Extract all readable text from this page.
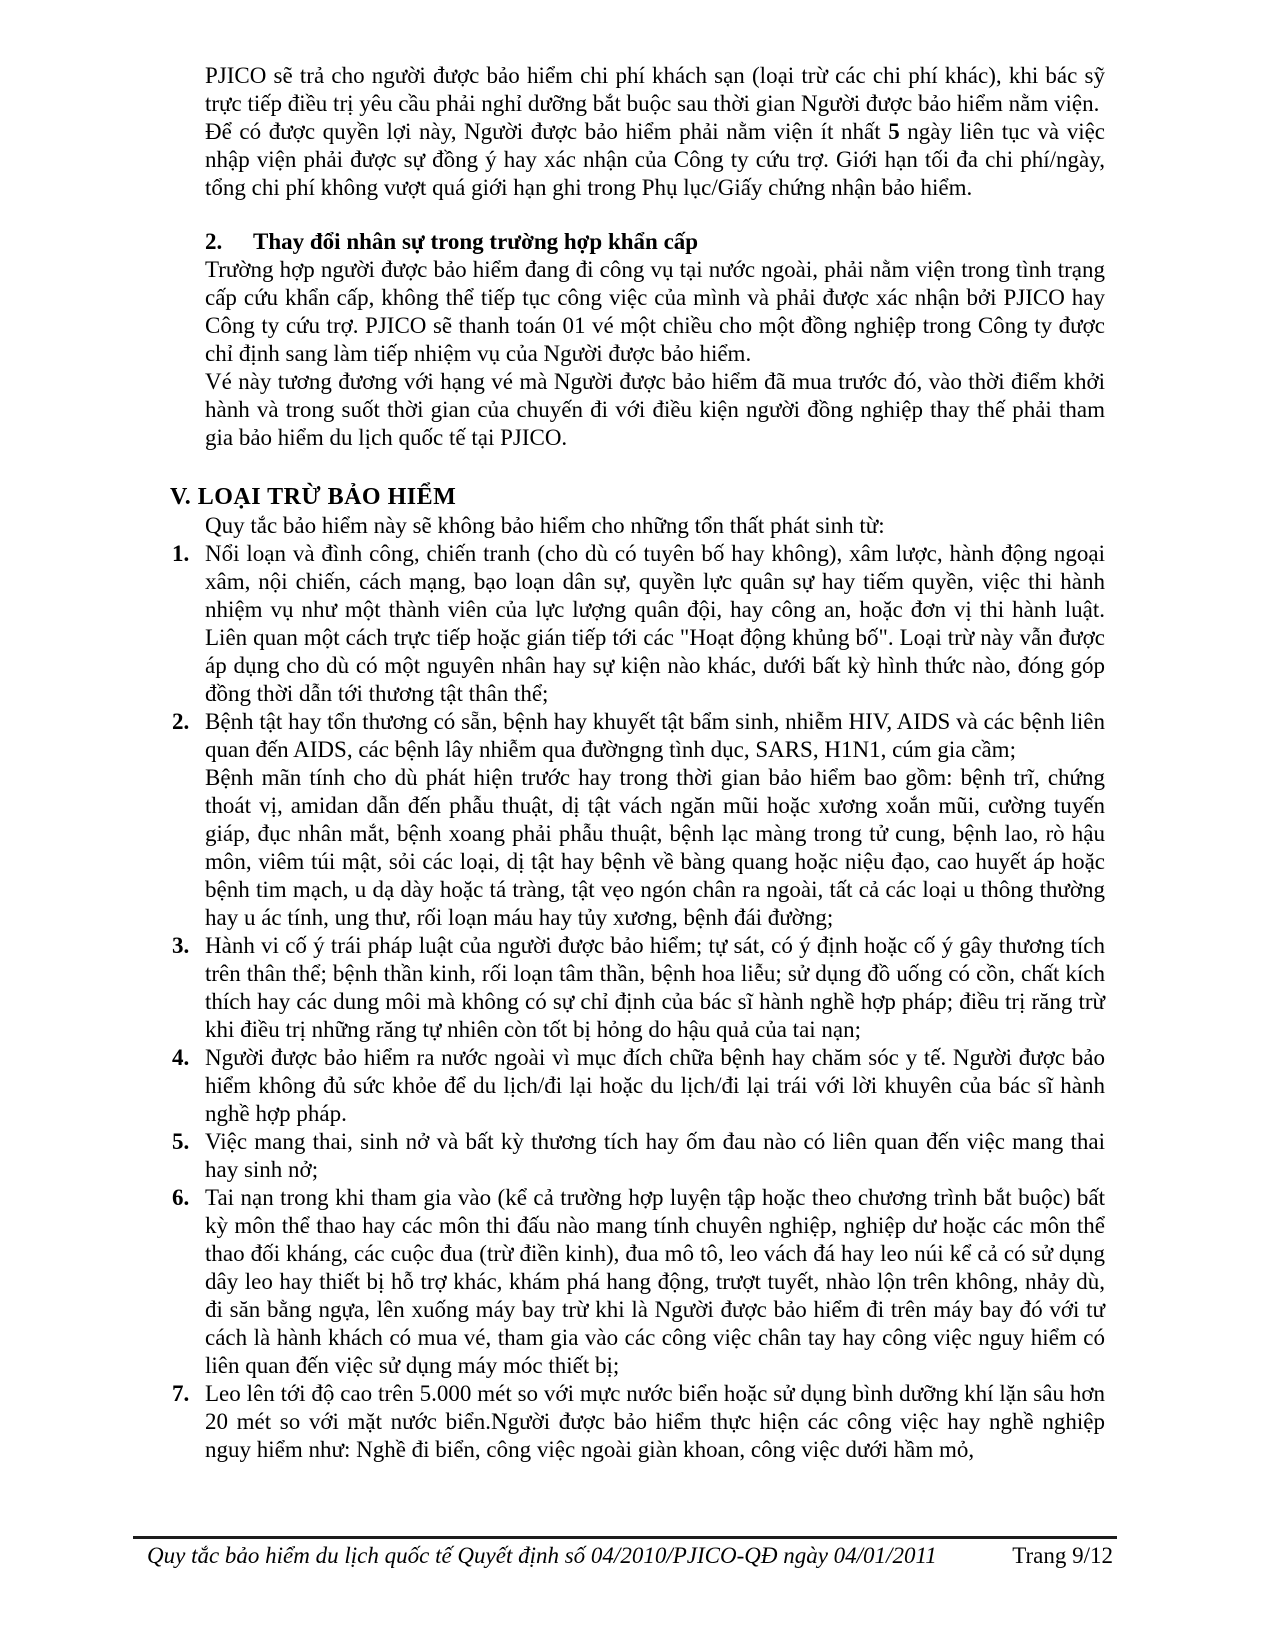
PJICO sẽ trả cho người được bảo hiểm chi phí khách sạn (loại trừ các chi phí khác), khi bác sỹ trực tiếp điều trị yêu cầu phải nghỉ dưỡng bắt buộc sau thời gian Người được bảo hiểm nằm viện.

Để có được quyền lợi này, Người được bảo hiểm phải nằm viện ít nhất 5 ngày liên tục và việc nhập viện phải được sự đồng ý hay xác nhận của Công ty cứu trợ. Giới hạn tối đa chi phí/ngày, tổng chi phí không vượt quá giới hạn ghi trong Phụ lục/Giấy chứng nhận bảo hiểm.

2.	Thay đổi nhân sự trong trường hợp khẩn cấp

Trường hợp người được bảo hiểm đang đi công vụ tại nước ngoài, phải nằm viện trong tình trạng cấp cứu khẩn cấp, không thể tiếp tục công việc của mình và phải được xác nhận bởi PJICO hay Công ty cứu trợ. PJICO sẽ thanh toán 01 vé một chiều cho một đồng nghiệp trong Công ty được chỉ định sang làm tiếp nhiệm vụ của Người được bảo hiểm.

Vé này tương đương với hạng vé mà Người được bảo hiểm đã mua trước đó, vào thời điểm khởi hành và trong suốt thời gian của chuyến đi với điều kiện người đồng nghiệp thay thế phải tham gia bảo hiểm du lịch quốc tế tại PJICO.

V. LOẠI TRỪ BẢO HIỂM

Quy tắc bảo hiểm này sẽ không bảo hiểm cho những tổn thất phát sinh từ:

1. Nổi loạn và đình công, chiến tranh (cho dù có tuyên bố hay không), xâm lược, hành động ngoại xâm, nội chiến, cách mạng, bạo loạn dân sự, quyền lực quân sự hay tiếm quyền, việc thi hành nhiệm vụ như một thành viên của lực lượng quân đội, hay công an, hoặc đơn vị thi hành luật. Liên quan một cách trực tiếp hoặc gián tiếp tới các "Hoạt động khủng bố". Loại trừ này vẫn được áp dụng cho dù có một nguyên nhân hay sự kiện nào khác, dưới bất kỳ hình thức nào, đóng góp đồng thời dẫn tới thương tật thân thể;

2. Bệnh tật hay tổn thương có sẵn, bệnh hay khuyết tật bẩm sinh, nhiễm HIV, AIDS và các bệnh liên quan đến AIDS, các bệnh lây nhiễm qua đườngng tình dục, SARS, H1N1, cúm gia cầm;

Bệnh mãn tính cho dù phát hiện trước hay trong thời gian bảo hiểm bao gồm: bệnh trĩ, chứng thoát vị, amidan dẫn đến phẫu thuật, dị tật vách ngăn mũi hoặc xương xoắn mũi, cường tuyến giáp, đục nhân mắt, bệnh xoang phải phẫu thuật, bệnh lạc màng trong tử cung, bệnh lao, rò hậu môn, viêm túi mật, sỏi các loại, dị tật hay bệnh về bàng quang hoặc niệu đạo, cao huyết áp hoặc bệnh tim mạch, u dạ dày hoặc tá tràng, tật vẹo ngón chân ra ngoài, tất cả các loại u thông thường hay u ác tính, ung thư, rối loạn máu hay tủy xương, bệnh đái đường;

3. Hành vi cố ý trái pháp luật của người được bảo hiểm; tự sát, có ý định hoặc cố ý gây thương tích trên thân thể; bệnh thần kinh, rối loạn tâm thần, bệnh hoa liễu; sử dụng đồ uống có cồn, chất kích thích hay các dung môi mà không có sự chỉ định của bác sĩ hành nghề hợp pháp; điều trị răng trừ khi điều trị những răng tự nhiên còn tốt bị hỏng do hậu quả của tai nạn;

4. Người được bảo hiểm ra nước ngoài vì mục đích chữa bệnh hay chăm sóc y tế. Người được bảo hiểm không đủ sức khỏe để du lịch/đi lại hoặc du lịch/đi lại trái với lời khuyên của bác sĩ hành nghề hợp pháp.

5. Việc mang thai, sinh nở và bất kỳ thương tích hay ốm đau nào có liên quan đến việc mang thai hay sinh nở;

6. Tai nạn trong khi tham gia vào (kể cả trường hợp luyện tập hoặc theo chương trình bắt buộc) bất kỳ môn thể thao hay các môn thi đấu nào mang tính chuyên nghiệp, nghiệp dư hoặc các môn thể thao đối kháng, các cuộc đua (trừ điền kinh), đua mô tô, leo vách đá hay leo núi kể cả có sử dụng dây leo hay thiết bị hỗ trợ khác, khám phá hang động, trượt tuyết, nhào lộn trên không, nhảy dù, đi săn bằng ngựa, lên xuống máy bay trừ khi là Người được bảo hiểm đi trên máy bay đó với tư cách là hành khách có mua vé, tham gia vào các công việc chân tay hay công việc nguy hiểm có liên quan đến việc sử dụng máy móc thiết bị;

7. Leo lên tới độ cao trên 5.000 mét so với mực nước biển hoặc sử dụng bình dưỡng khí lặn sâu hơn 20 mét so với mặt nước biển.Người được bảo hiểm thực hiện các công việc hay nghề nghiệp nguy hiểm như: Nghề đi biển, công việc ngoài giàn khoan, công việc dưới hầm mỏ,

Quy tắc bảo hiểm du lịch quốc tế Quyết định số 04/2010/PJICO-QĐ ngày 04/01/2011	Trang 9/12
